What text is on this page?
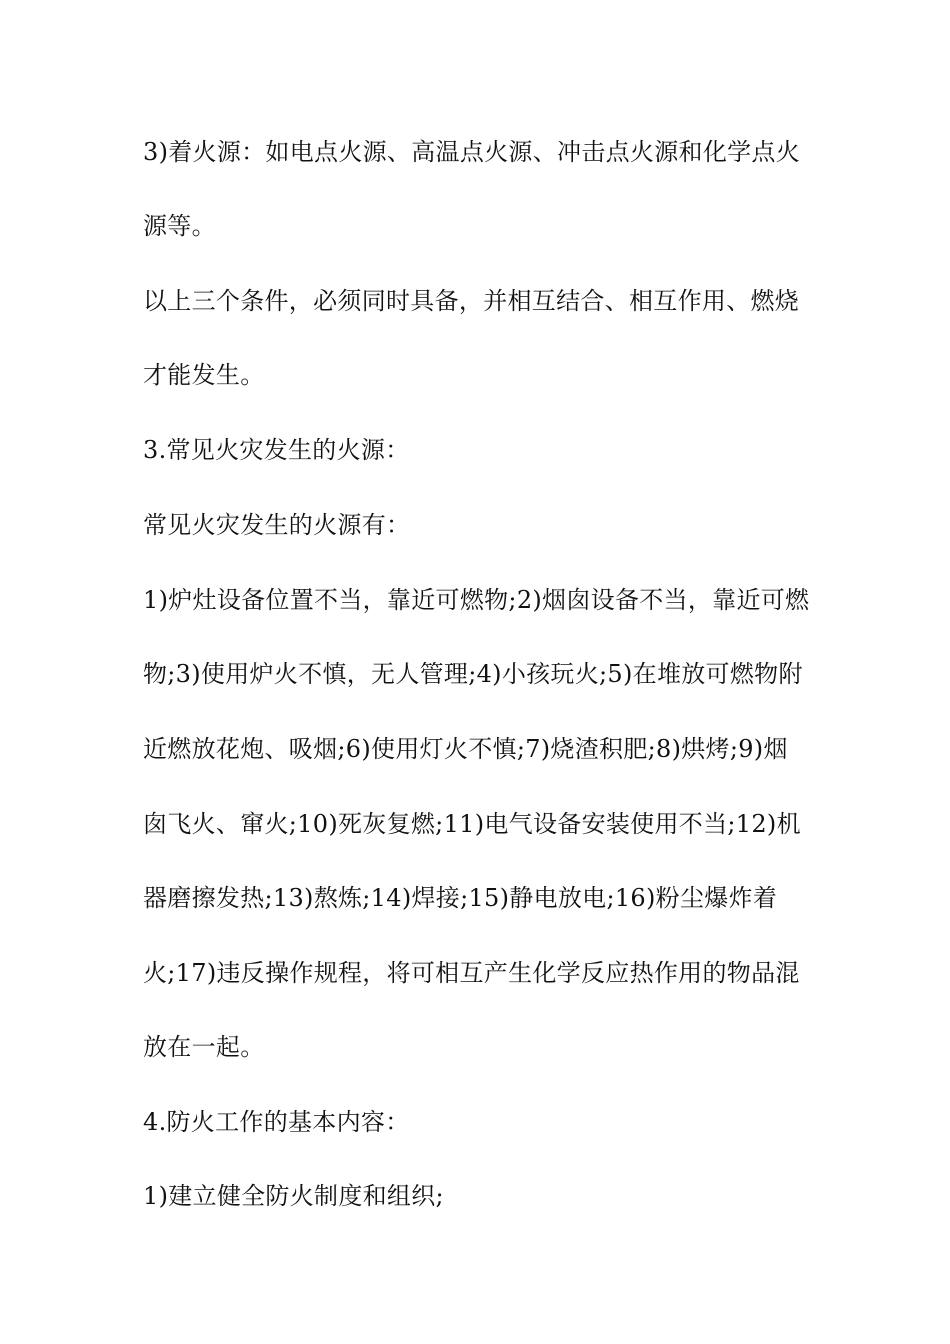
3)着火源：如电点火源、高温点火源、冲击点火源和化学点火
源等。
以上三个条件，必须同时具备，并相互结合、相互作用、燃烧
才能发生。
3.常见火灾发生的火源：
常见火灾发生的火源有：
1)炉灶设备位置不当，靠近可燃物;2)烟囱设备不当，靠近可燃
物;3)使用炉火不慎，无人管理;4)小孩玩火;5)在堆放可燃物附
近燃放花炮、吸烟;6)使用灯火不慎;7)烧渣积肥;8)烘烤;9)烟
囱飞火、窜火;10)死灰复燃;11)电气设备安装使用不当;12)机
器磨擦发热;13)熬炼;14)焊接;15)静电放电;16)粉尘爆炸着
火;17)违反操作规程，将可相互产生化学反应热作用的物品混
放在一起。
4.防火工作的基本内容：
1)建立健全防火制度和组织;
